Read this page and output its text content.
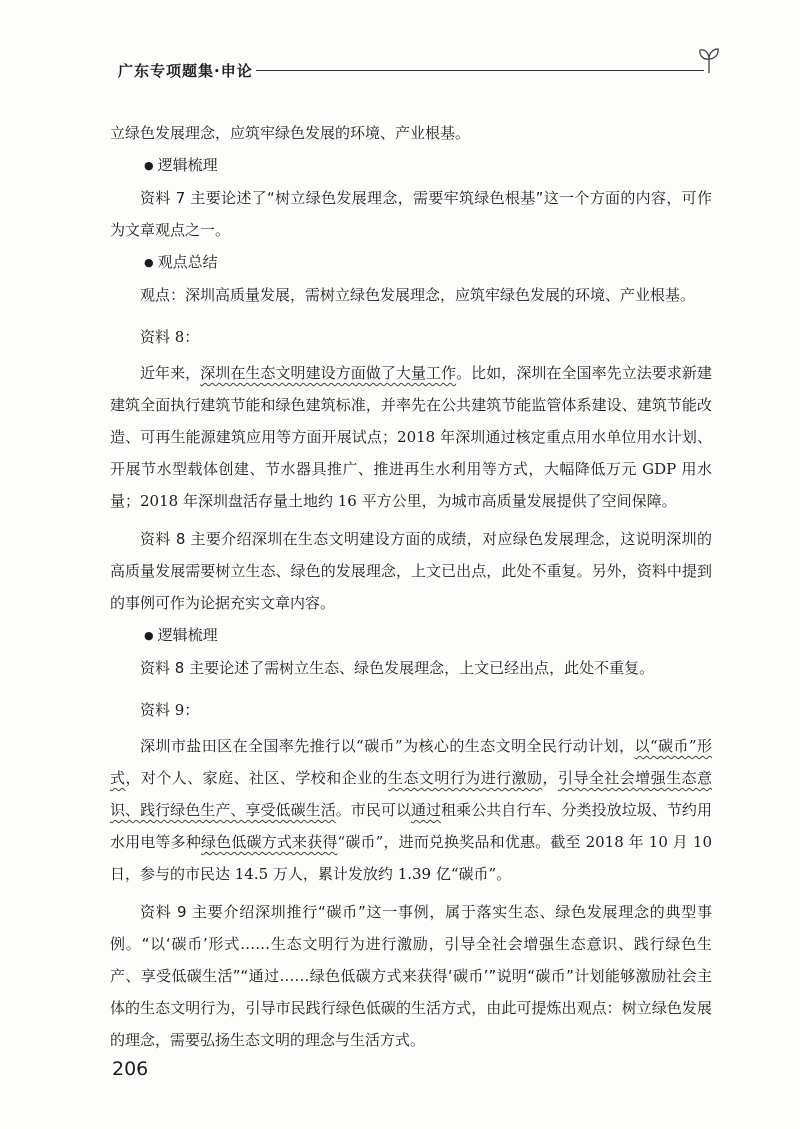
广东专项题集·申论

立绿色发展理念，应筑牢绿色发展的环境、产业根基。

● 逻辑梳理

资料 7 主要论述了“树立绿色发展理念，需要牢筑绿色根基”这一个方面的内容，可作为文章观点之一。

● 观点总结

观点：深圳高质量发展，需树立绿色发展理念，应筑牢绿色发展的环境、产业根基。

资料 8：

近年来，深圳在生态文明建设方面做了大量工作。比如，深圳在全国率先立法要求新建建筑全面执行建筑节能和绿色建筑标准，并率先在公共建筑节能监管体系建设、建筑节能改造、可再生能源建筑应用等方面开展试点；2018 年深圳通过核定重点用水单位用水计划、开展节水型载体创建、节水器具推广、推进再生水利用等方式，大幅降低万元 GDP 用水量；2018 年深圳盘活存量土地约 16 平方公里，为城市高质量发展提供了空间保障。

资料 8 主要介绍深圳在生态文明建设方面的成绩，对应绿色发展理念，这说明深圳的高质量发展需要树立生态、绿色的发展理念，上文已出点，此处不重复。另外，资料中提到的事例可作为论据充实文章内容。

● 逻辑梳理

资料 8 主要论述了需树立生态、绿色发展理念，上文已经出点，此处不重复。

资料 9：

深圳市盐田区在全国率先推行以“碳币”为核心的生态文明全民行动计划，以“碳币”形式，对个人、家庭、社区、学校和企业的生态文明行为进行激励，引导全社会增强生态意识、践行绿色生产、享受低碳生活。市民可以通过租乘公共自行车、分类投放垃圾、节约用水用电等多种绿色低碳方式来获得“碳币”，进而兑换奖品和优惠。截至 2018 年 10 月 10 日，参与的市民达 14.5 万人，累计发放约 1.39 亿“碳币”。

资料 9 主要介绍深圳推行“碳币”这一事例，属于落实生态、绿色发展理念的典型事例。“以‘碳币’形式……生态文明行为进行激励，引导全社会增强生态意识、践行绿色生产、享受低碳生活”“通过……绿色低碳方式来获得‘碳币’”说明“碳币”计划能够激励社会主体的生态文明行为，引导市民践行绿色低碳的生活方式，由此可提炼出观点：树立绿色发展的理念，需要弘扬生态文明的理念与生活方式。

206
